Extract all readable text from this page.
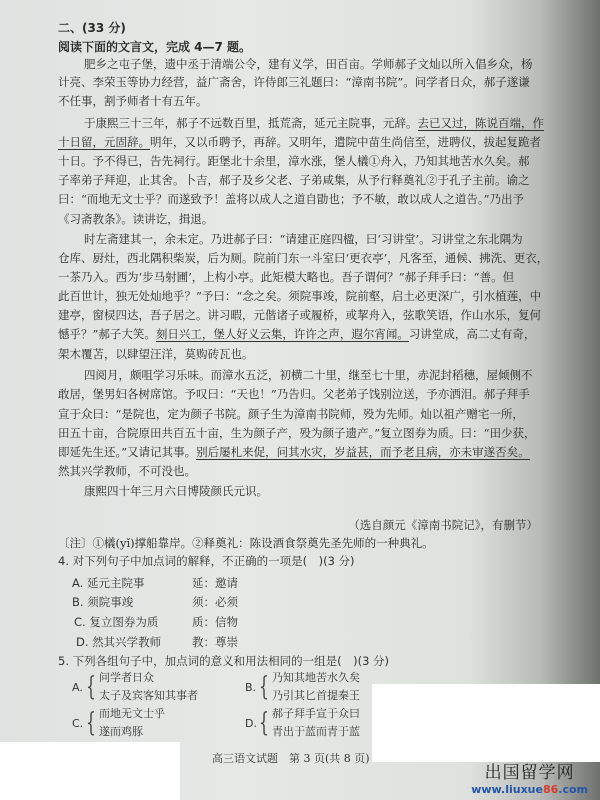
二、(33 分)
阅读下面的文言文，完成 4—7 题。
肥乡之屯子堡，遗中丞于清端公令，建有义学，田百亩。学师郝子文灿以所入倡乡众，杨
计亮、李荣玉等协力经营，益广斋舍，许侍郎三礼题曰：“漳南书院”。问学者日众，郝子遂谦
不任事，割予师者十有五年。
于康熙三十三年，郝子不远数百里，抵荒斋，延元主院事，元辞。去已又过，陈说百端，作
十日留，元固辞。明年，又以币聘予，再辞。又明年，遣院中苗生尚信至，进聘仪，拔起复跪者
十日。予不得已，告先祠行。距堡北十余里，漳水涨，堡人檥①舟入，乃知其地苦水久矣。郝
子率弟子拜迎，止其舍。卜吉，郝子及乡父老、子弟咸集，从予行释奠礼②于孔子主前。谕之
曰：“而地无文士乎？而遂致予！盖将以成人之道自勖也；予不敏，敢以成人之道告。”乃出予
《习斋教条》。读讲讫，揖退。
时左斋建其一，余未定。乃进郝子曰：“请建正庭四楹，曰‘习讲堂’。习讲堂之东北隅为
仓库、厨灶，西北隅积柴炭，后为厕。院前门东一斗室曰‘更衣亭’，凡客至，通候、拂洗、更衣，
一茶乃入。西为‘步马射圃’，上构小亭。此矩模大略也。吾子谓何？”郝子拜手曰：“善。但
此百世计，独无处灿地乎？”予曰：“念之矣。须院事竣，院前壑，启土必更深广，引水植莲，中
建亭，窗棂四达，吾子居之。讲习暇，元偕诸子或履桥，或挈舟入，弦歌笑语，作山水乐，复何
憾乎？”郝子大笑。刻日兴工，堡人好义云集，许许之声，遐尔宵闻。习讲堂成，高二丈有奇，
架木覆苫，以肆望汪洋，莫购砖瓦也。
四阅月，颇咀学习乐味。而漳水五泛，初横二十里，继至七十里，赤泥封稻穗，屋倾侧不
敢居，堡男妇各树席馆。予叹曰：“天也！”乃告归。父老弟子饯别泣送，予亦洒泪。郝子拜手
宣于众曰：“是院也，定为颜子书院。颜子生为漳南书院师，殁为先师。灿以祖产赠宅一所，
田五十亩，合院原田共百五十亩，生为颜子产，殁为颜子遗产。”复立图券为质。曰：“田少获，
即延先生还。”又请记其事。别后屡札来促，问其水灾，岁益甚，而予老且病，亦未审遂否矣。
然其兴学教师，不可没也。
康熙四十年三月六日博陵颜氏元识。
（选自颜元《漳南书院记》，有删节）
〔注〕①檥(yǐ)撑船靠岸。②释奠礼：陈设酒食祭奠先圣先师的一种典礼。
4. 对下列句子中加点词的解释，不正确的一项是(　)(3 分)
A. 延元主院事	延：邀请
B. 须院事竣	须：必须
C. 复立图券为质	质：信物
D. 然其兴学教师	教：尊崇
5. 下列各组句子中，加点词的意义和用法相同的一组是(　)(3 分)
A. { 问学者日众
太子及宾客知其事者
B. { 乃知其地苦水久矣
乃引其匕首提秦王
C. { 而地无文士乎
遂而鸡豚
D. { 郝子拜手宣于众曰
青出于蓝而青于蓝
高三语文试题　第 3 页(共 8 页)
出国留学网
www.liuxue86.com
